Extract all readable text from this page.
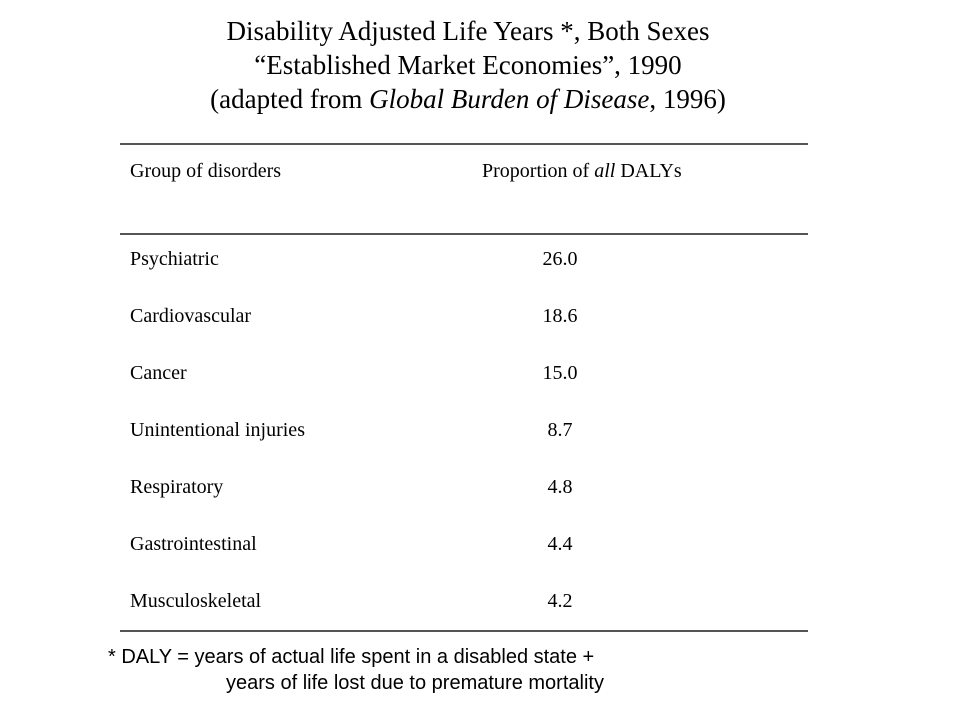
Disability Adjusted Life Years *, Both Sexes
“Established Market Economies”, 1990
(adapted from Global Burden of Disease, 1996)
Group of disorders	Proportion of all DALYs
Psychiatric	26.0
Cardiovascular	18.6
Cancer	15.0
Unintentional injuries	8.7
Respiratory	4.8
Gastrointestinal	4.4
Musculoskeletal	4.2
* DALY = years of actual life spent in a disabled state +
years of life lost due to premature mortality
